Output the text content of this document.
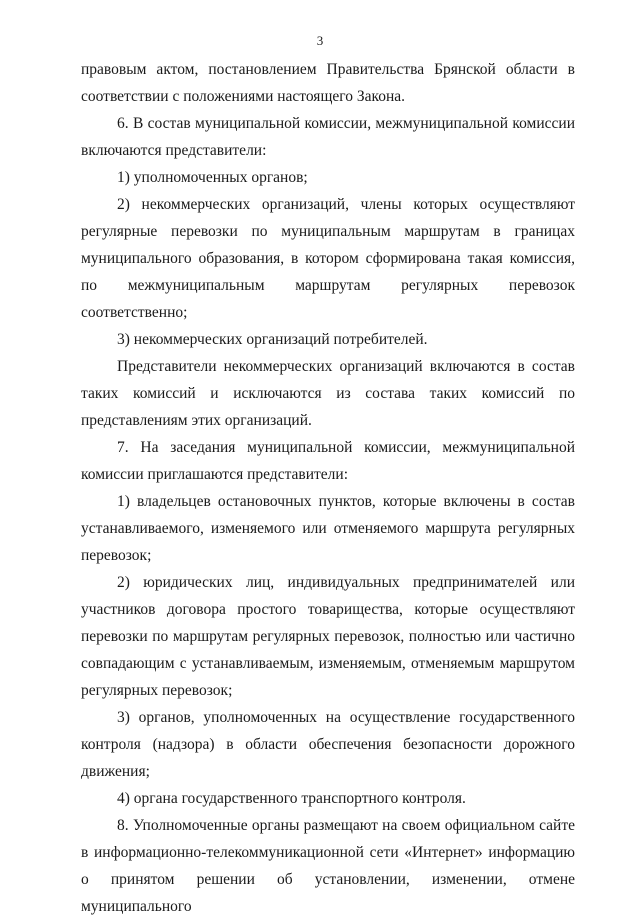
3

правовым актом, постановлением Правительства Брянской области в соответствии с положениями настоящего Закона.

6. В состав муниципальной комиссии, межмуниципальной комиссии включаются представители:

1) уполномоченных органов;

2) некоммерческих организаций, члены которых осуществляют регулярные перевозки по муниципальным маршрутам в границах муниципального образования, в котором сформирована такая комиссия, по межмуниципальным маршрутам регулярных перевозок соответственно;

3) некоммерческих организаций потребителей.

Представители некоммерческих организаций включаются в состав таких комиссий и исключаются из состава таких комиссий по представлениям этих организаций.

7. На заседания муниципальной комиссии, межмуниципальной комиссии приглашаются представители:

1) владельцев остановочных пунктов, которые включены в состав устанавливаемого, изменяемого или отменяемого маршрута регулярных перевозок;

2) юридических лиц, индивидуальных предпринимателей или участников договора простого товарищества, которые осуществляют перевозки по маршрутам регулярных перевозок, полностью или частично совпадающим с устанавливаемым, изменяемым, отменяемым маршрутом регулярных перевозок;

3) органов, уполномоченных на осуществление государственного контроля (надзора) в области обеспечения безопасности дорожного движения;

4) органа государственного транспортного контроля.

8. Уполномоченные органы размещают на своем официальном сайте в информационно-телекоммуникационной сети «Интернет» информацию о принятом решении об установлении, изменении, отмене муниципального
